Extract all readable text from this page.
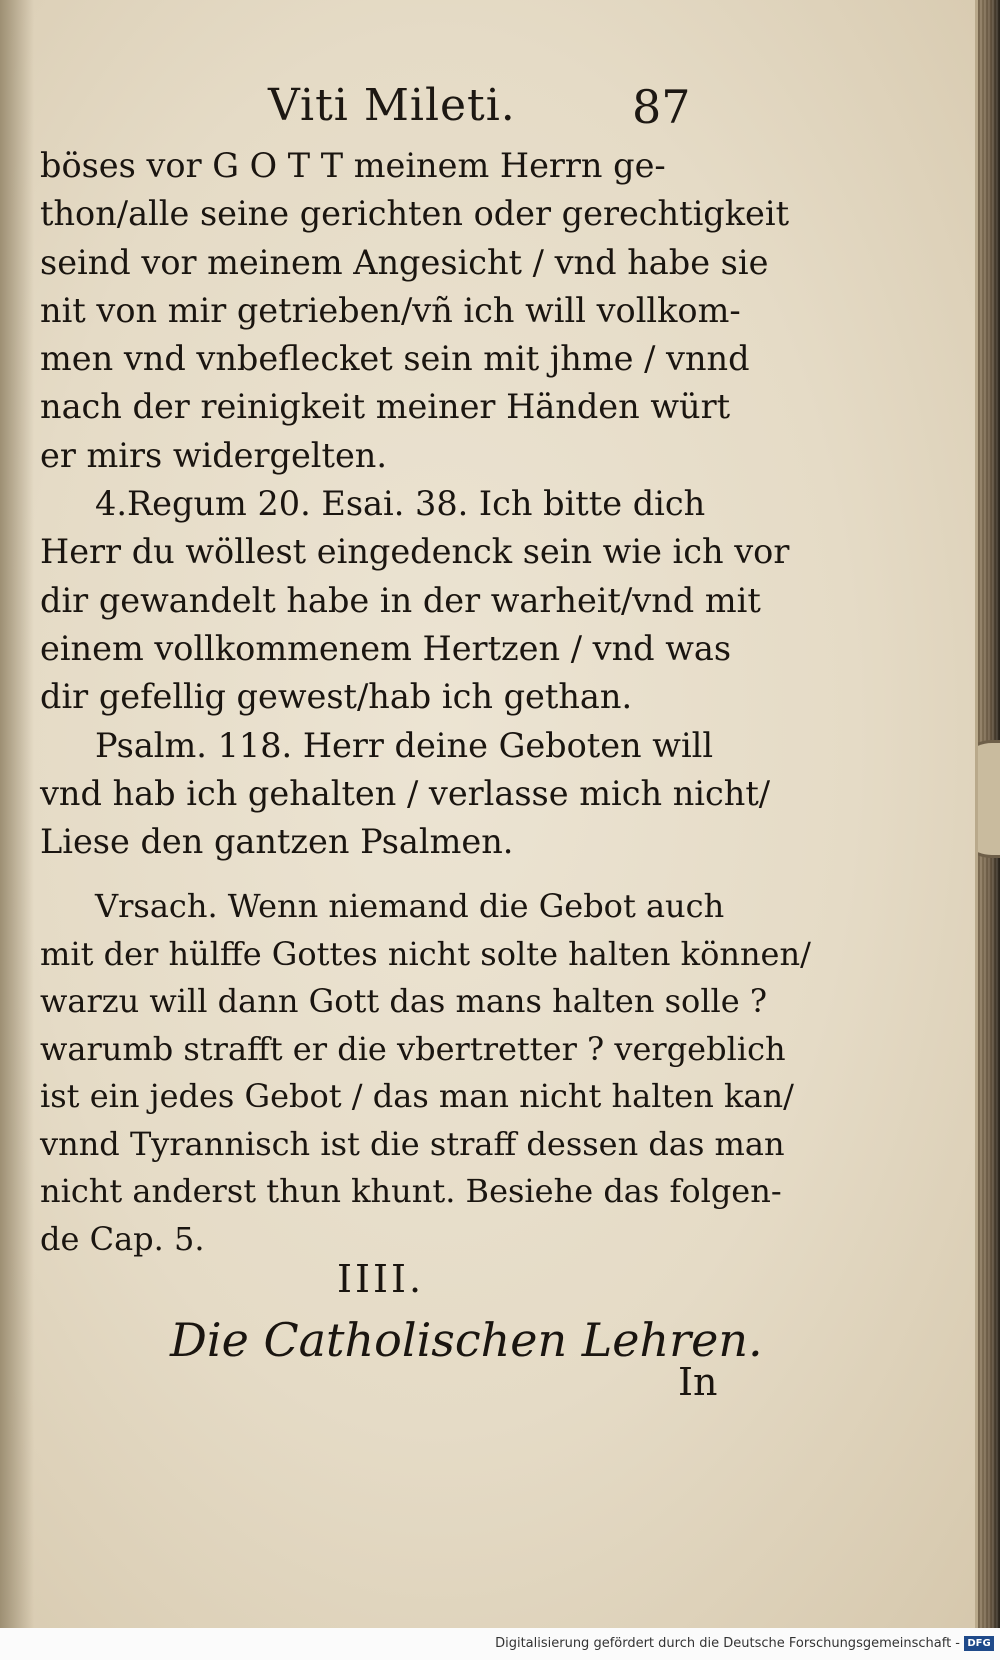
Viti Mileti.	87

böses vor G O T T meinem Herrn ge-

thon/alle seine gerichten oder gerechtigkeit

seind vor meinem Angesicht / vnd habe sie

nit von mir getrieben/vñ ich will vollkom-

men vnd vnbeflecket sein mit jhme / vnnd

nach der reinigkeit meiner Händen würt

er mirs widergelten.

4.Regum 20. Esai. 38. Ich bitte dich

Herr du wöllest eingedenck sein wie ich vor

dir gewandelt habe in der warheit/vnd mit

einem vollkommenem Hertzen / vnd was

dir gefellig gewest/hab ich gethan.

Psalm. 118. Herr deine Geboten will

vnd hab ich gehalten / verlasse mich nicht/

Liese den gantzen Psalmen.

Vrsach. Wenn niemand die Gebot auch

mit der hülffe Gottes nicht solte halten können/

warzu will dann Gott das mans halten solle ?

warumb strafft er die vbertretter ? vergeblich

ist ein jedes Gebot / das man nicht halten kan/

vnnd Tyrannisch ist die straff dessen das man

nicht anderst thun khunt. Besiehe das folgen-

de Cap. 5.

IIII.
Die Catholischen Lehren.
In
Digitalisierung gefördert durch die Deutsche Forschungsgemeinschaft - DFG
